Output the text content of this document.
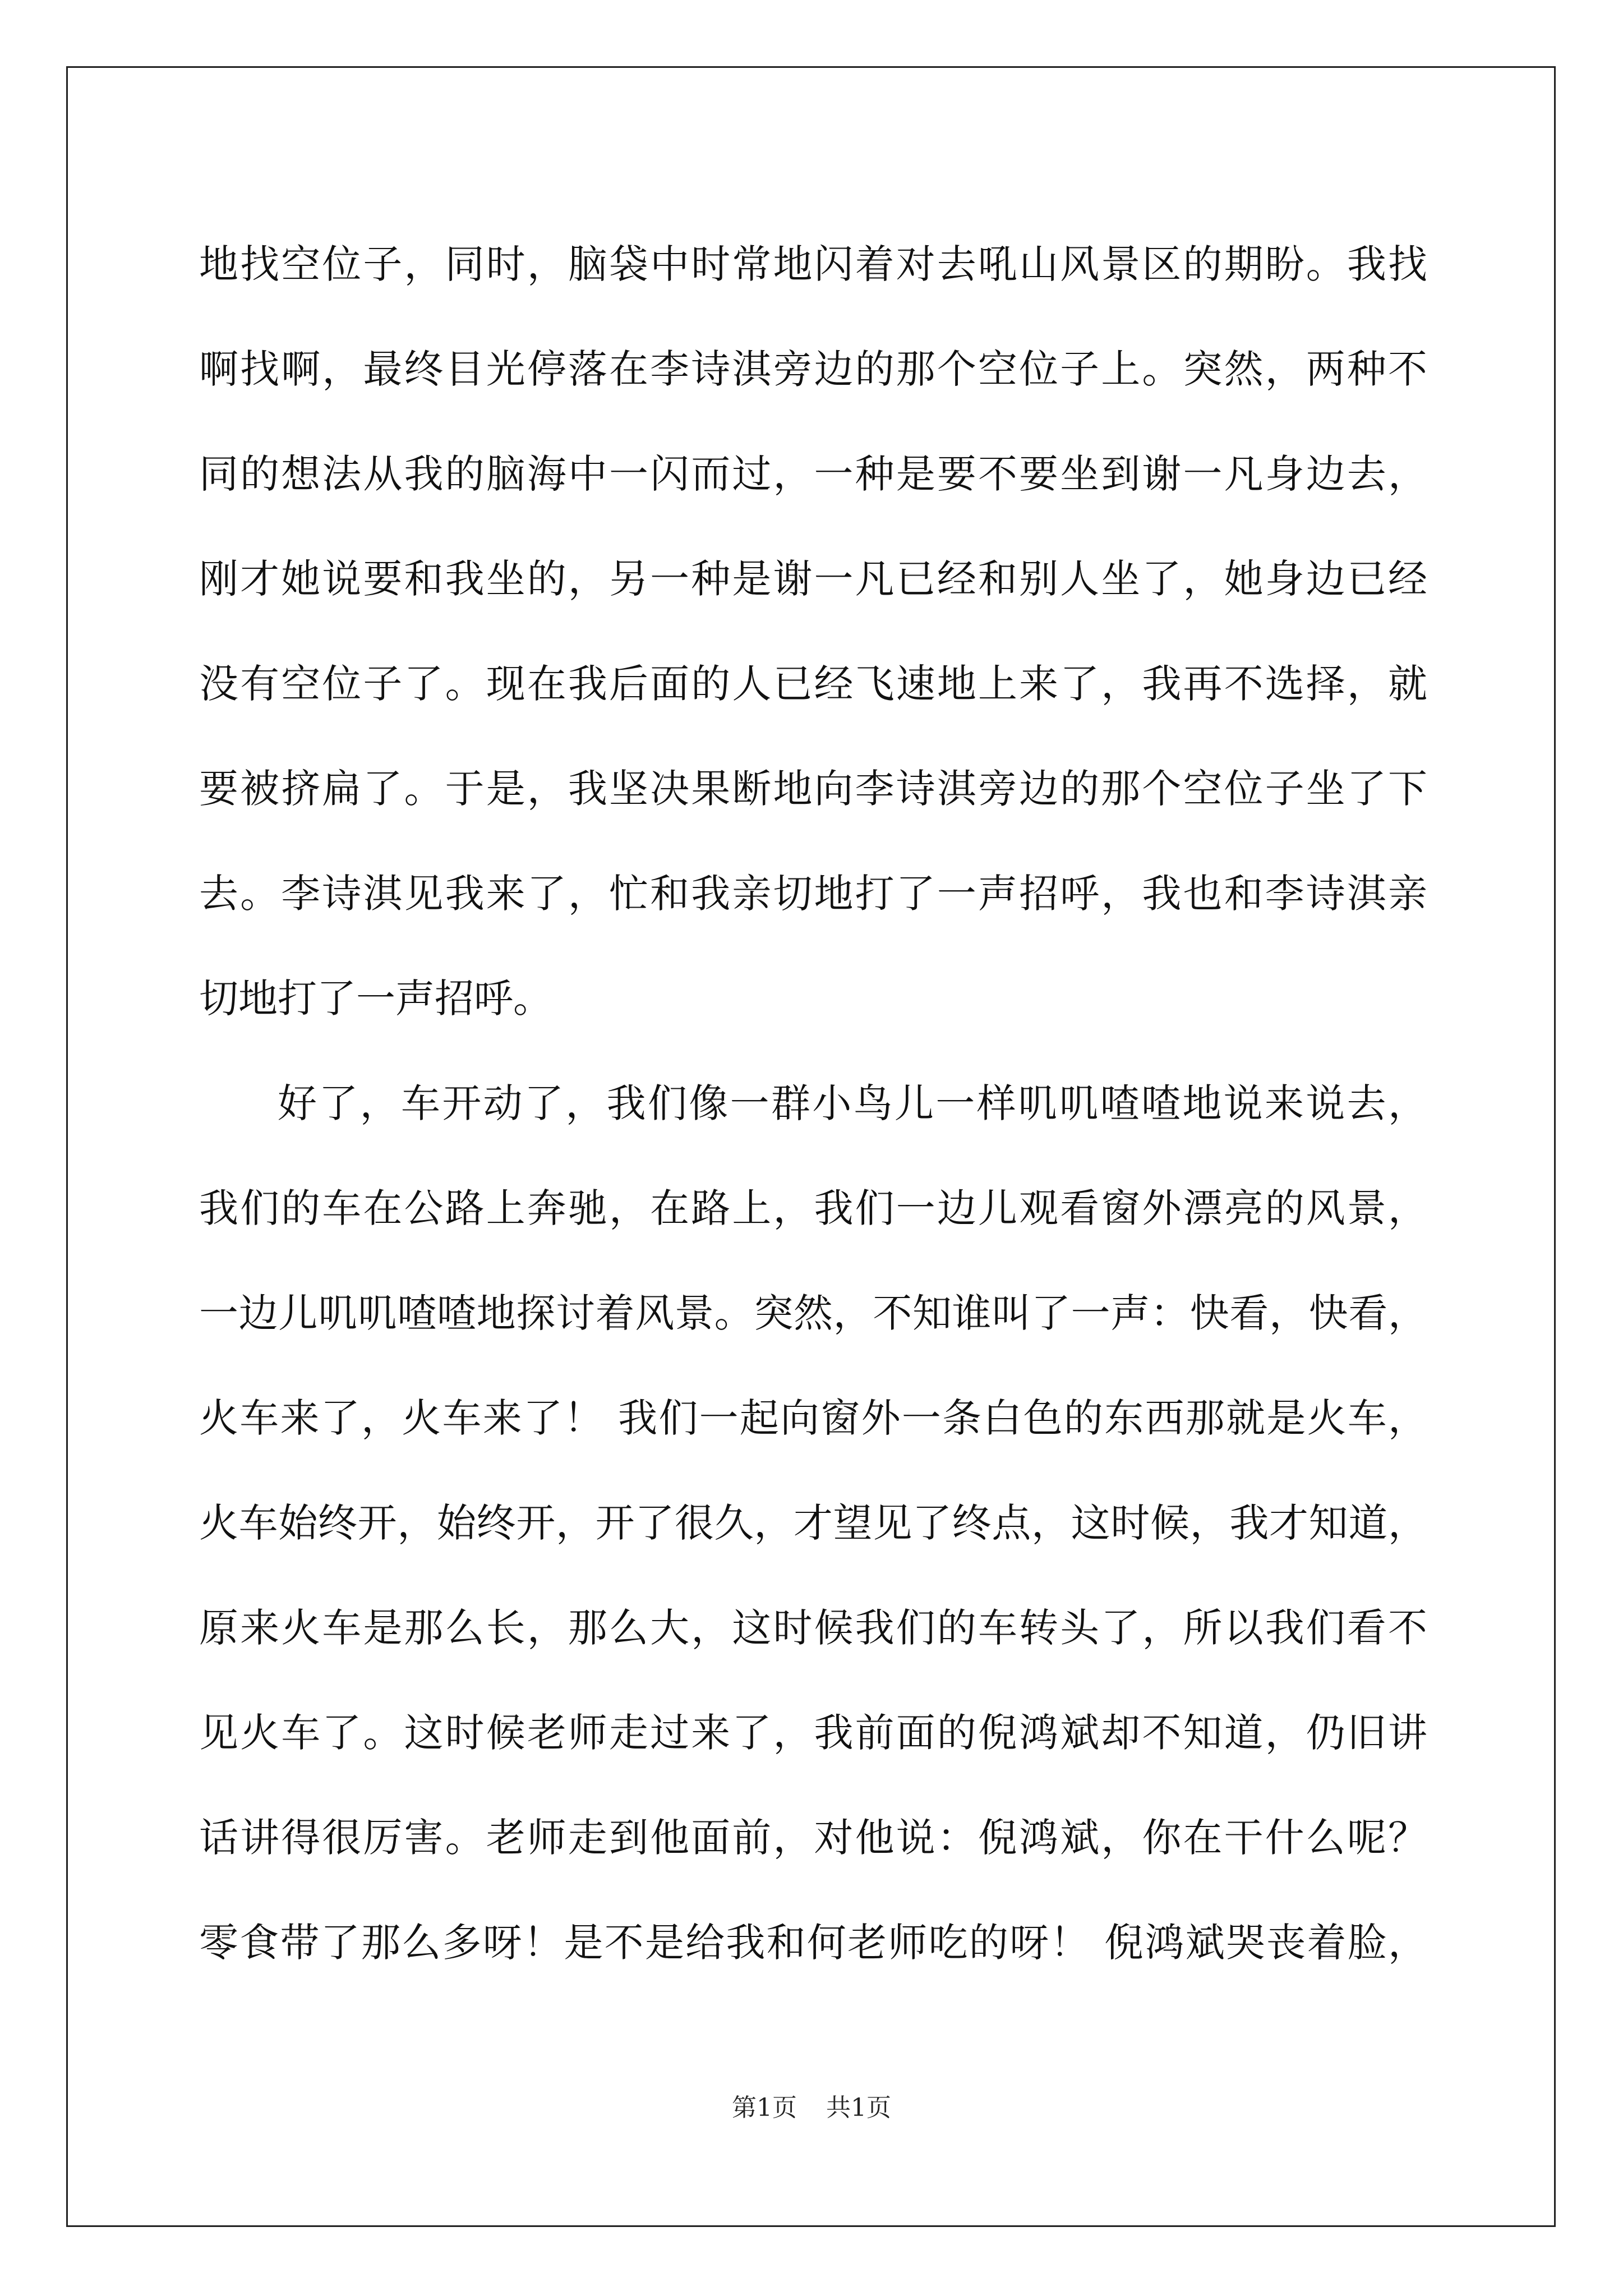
地找空位子，同时，脑袋中时常地闪着对去吼山风景区的期盼。我找
啊找啊，最终目光停落在李诗淇旁边的那个空位子上。突然，两种不
同的想法从我的脑海中一闪而过，一种是要不要坐到谢一凡身边去，
刚才她说要和我坐的，另一种是谢一凡已经和别人坐了，她身边已经
没有空位子了。现在我后面的人已经飞速地上来了，我再不选择，就
要被挤扁了。于是，我坚决果断地向李诗淇旁边的那个空位子坐了下
去。李诗淇见我来了，忙和我亲切地打了一声招呼，我也和李诗淇亲
切地打了一声招呼。
好了，车开动了，我们像一群小鸟儿一样叽叽喳喳地说来说去，
我们的车在公路上奔驰，在路上，我们一边儿观看窗外漂亮的风景，
一边儿叽叽喳喳地探讨着风景。突然，不知谁叫了一声：快看，快看，
火车来了，火车来了！ 我们一起向窗外一条白色的东西那就是火车，
火车始终开，始终开，开了很久，才望见了终点，这时候，我才知道，
原来火车是那么长，那么大，这时候我们的车转头了，所以我们看不
见火车了。这时候老师走过来了，我前面的倪鸿斌却不知道，仍旧讲
话讲得很厉害。老师走到他面前，对他说：倪鸿斌，你在干什么呢？
零食带了那么多呀！是不是给我和何老师吃的呀！ 倪鸿斌哭丧着脸，
第1页 共1页
